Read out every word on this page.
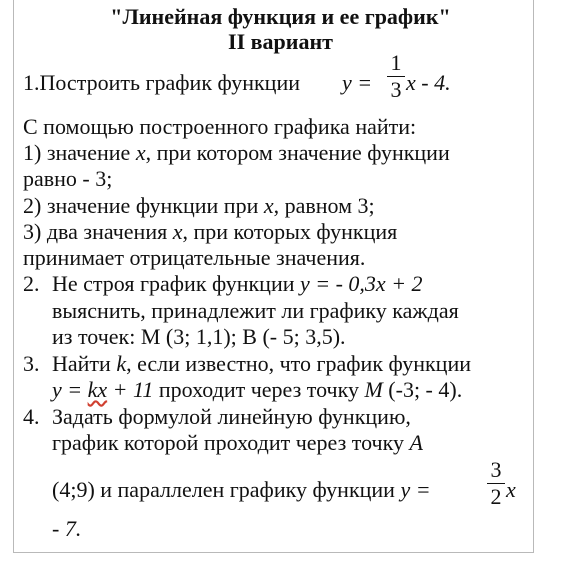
"Линейная функция и ее график"
II вариант
1.Построить график функции y =
1
3 x - 4.
С помощью построенного графика найти:
1) значение x, при котором значение функции
равно - 3;
2) значение функции при x, равном 3;
3) два значения x, при которых функция
принимает отрицательные значения.
2. Не строя график функции y = - 0,3x + 2
выяснить, принадлежит ли графику каждая
из точек: М (3; 1,1); В (- 5; 3,5).
3. Найти k, если известно, что график функции
y = kx + 11 проходит через точку M (-3; - 4).
4. Задать формулой линейную функцию,
график которой проходит через точку A
(4;9) и параллелен графику функции y =
3
2 x
- 7.
